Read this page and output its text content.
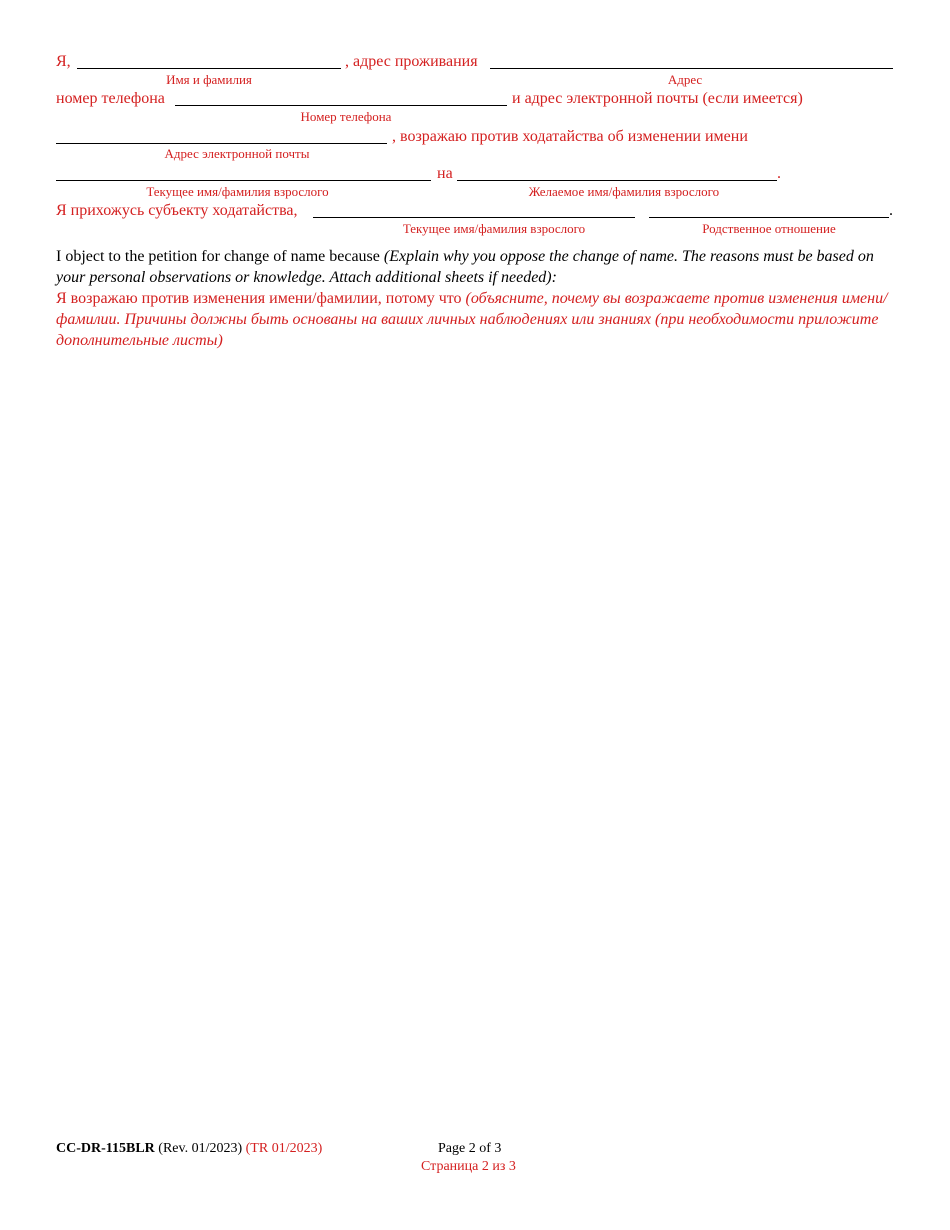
Я,	, адрес проживания
Имя и фамилия	Адрес
номер телефона	и адрес электронной почты (если имеется)
Номер телефона
, возражаю против ходатайства об изменении имени
Адрес электронной почты
на	.
Текущее имя/фамилия взрослого	Желаемое имя/фамилия взрослого
Я прихожусь субъекту ходатайства,	.
Текущее имя/фамилия взрослого	Родственное отношение
I object to the petition for change of name because (Explain why you oppose the change of name. The reasons must be based on your personal observations or knowledge. Attach additional sheets if needed):
Я возражаю против изменения имени/фамилии, потому что (объясните, почему вы возражаете против изменения имени/фамилии. Причины должны быть основаны на ваших личных наблюдениях или знаниях (при необходимости приложите дополнительные листы)
CC-DR-115BLR (Rev. 01/2023) (TR 01/2023)	Page 2 of 3
Страница 2 из 3
